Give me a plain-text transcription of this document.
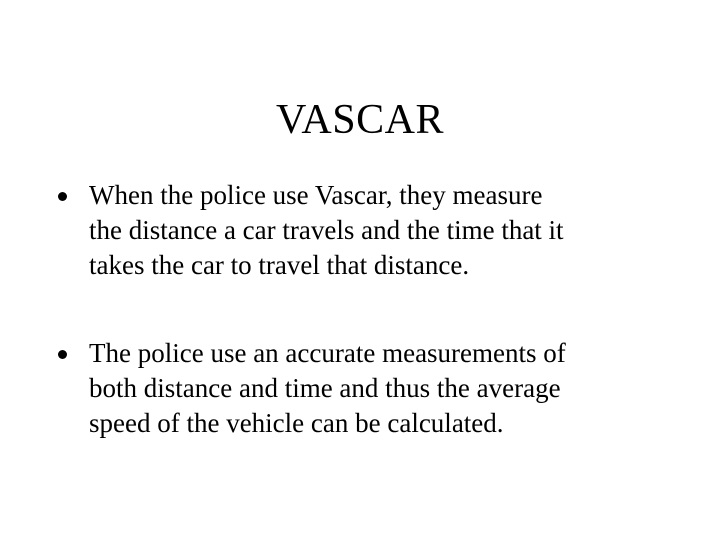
VASCAR
When the police use Vascar, they measure
the distance a car travels and the time that it
takes the car to travel that distance.
The police use an accurate measurements of
both distance and time and thus the average
speed of the vehicle can be calculated.
